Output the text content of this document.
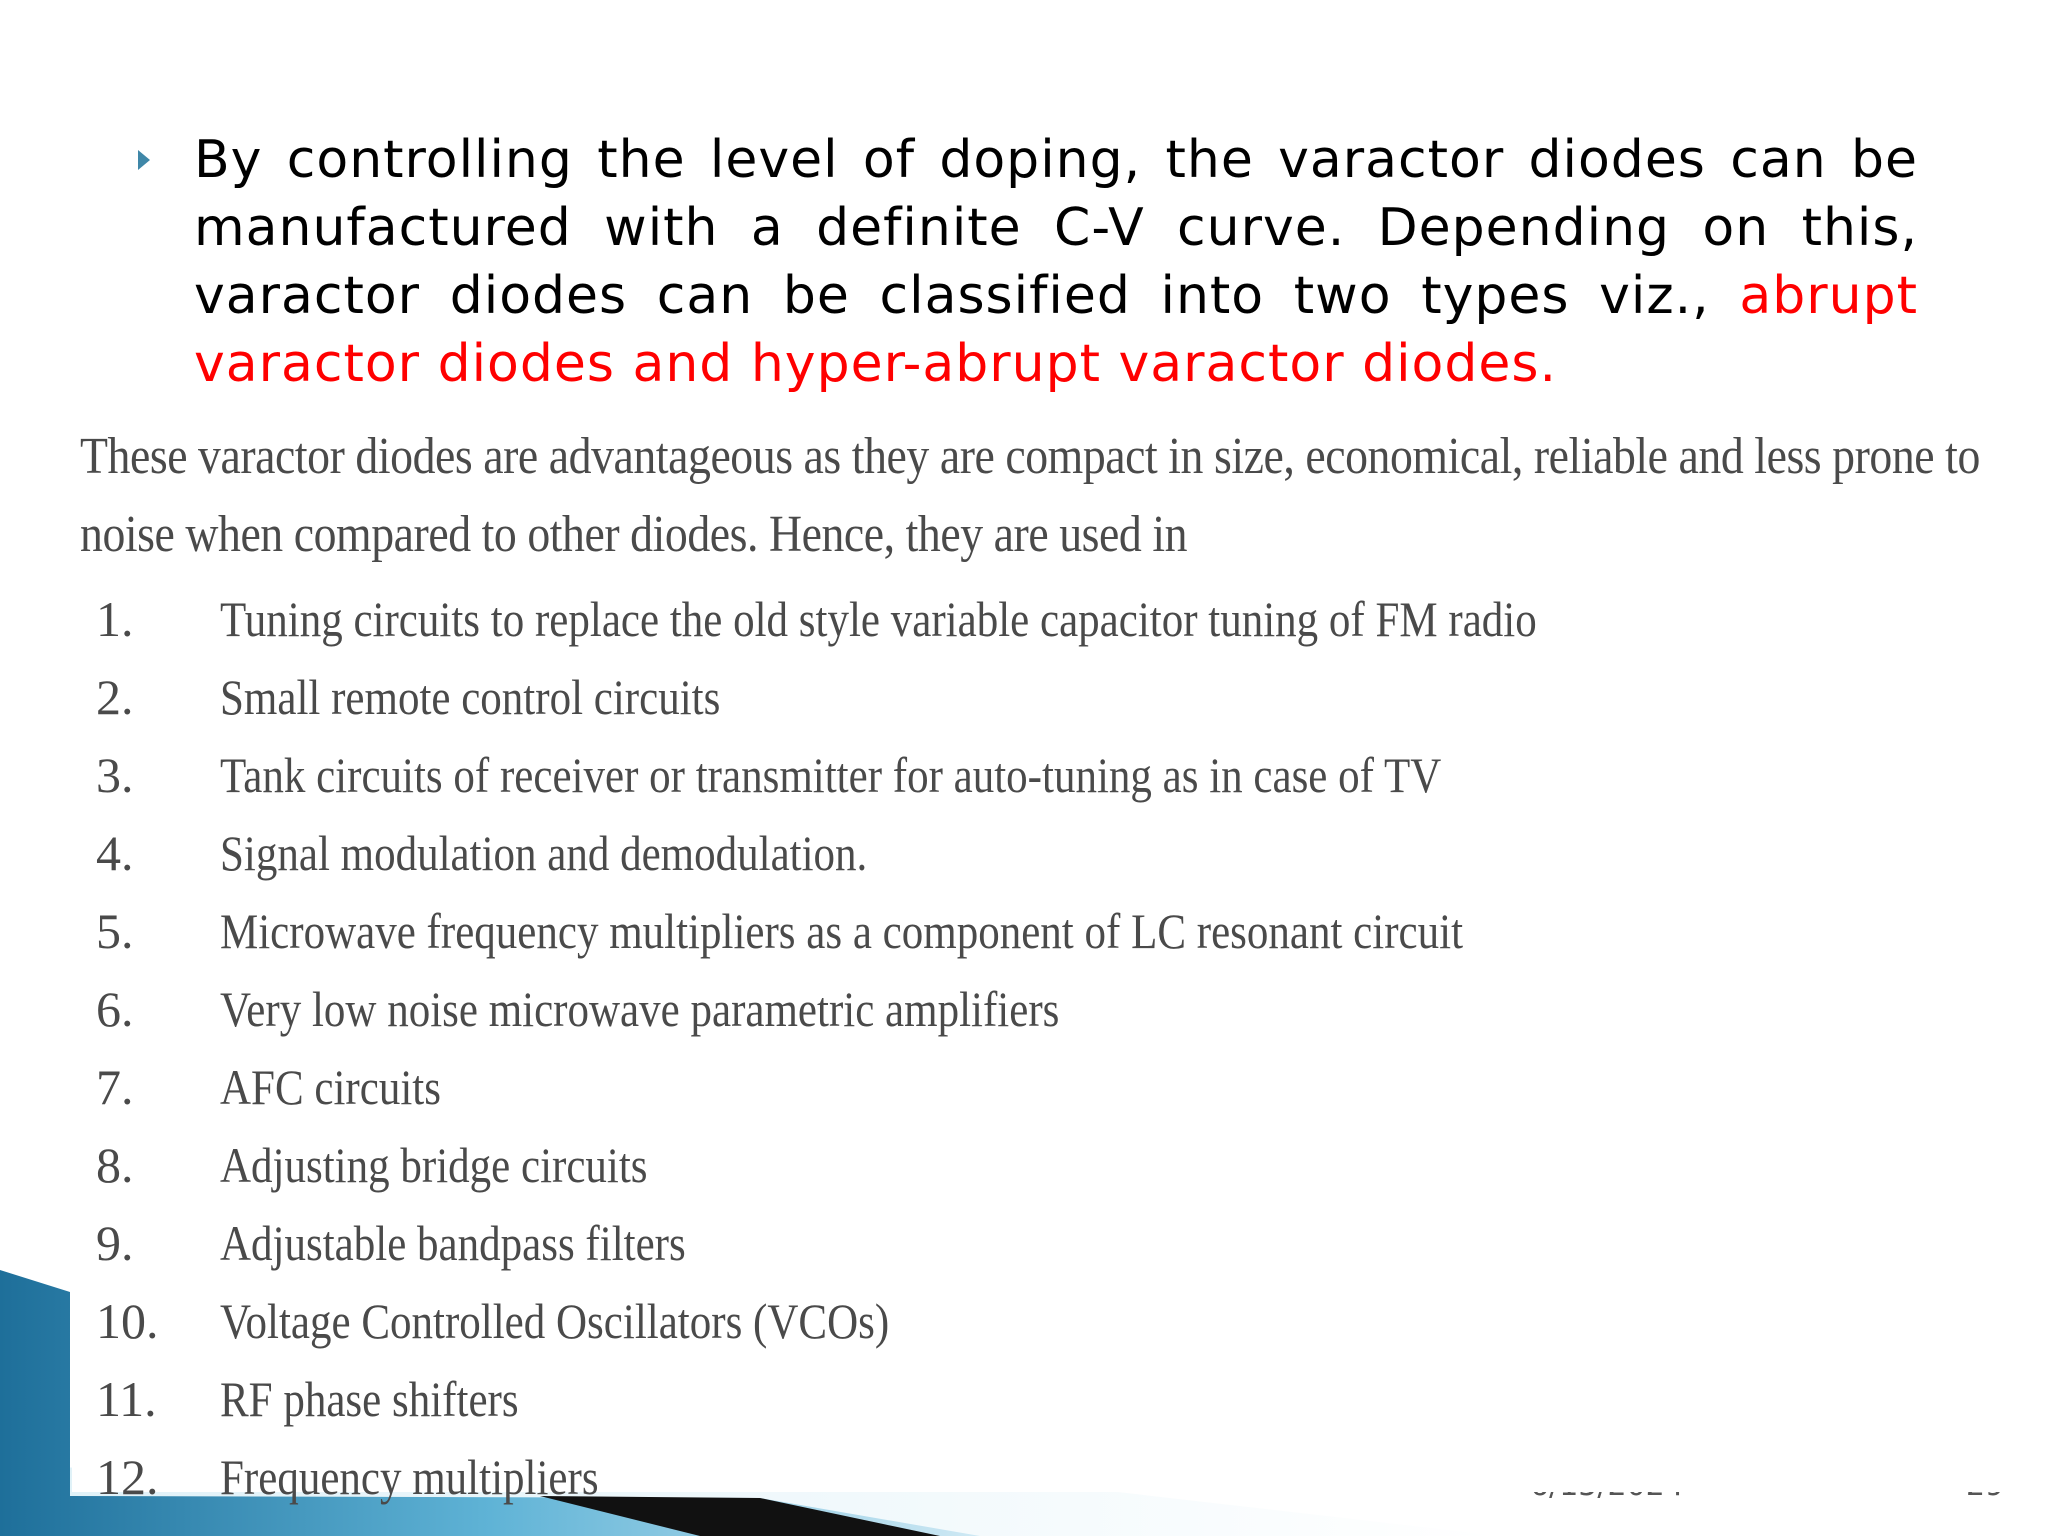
By controlling the level of doping, the varactor diodes can be manufactured with a definite C-V curve. Depending on this, varactor diodes can be classified into two types viz., abrupt varactor diodes and hyper-abrupt varactor diodes.
These varactor diodes are advantageous as they are compact in size, economical, reliable and less prone to
noise when compared to other diodes. Hence, they are used in
1.	Tuning circuits to replace the old style variable capacitor tuning of FM radio
2.	Small remote control circuits
3.	Tank circuits of receiver or transmitter for auto-tuning as in case of TV
4.	Signal modulation and demodulation.
5.	Microwave frequency multipliers as a component of LC resonant circuit
6.	Very low noise microwave parametric amplifiers
7.	AFC circuits
8.	Adjusting bridge circuits
9.	Adjustable bandpass filters
10.	Voltage Controlled Oscillators (VCOs)
11.	RF phase shifters
12.	Frequency multipliers
